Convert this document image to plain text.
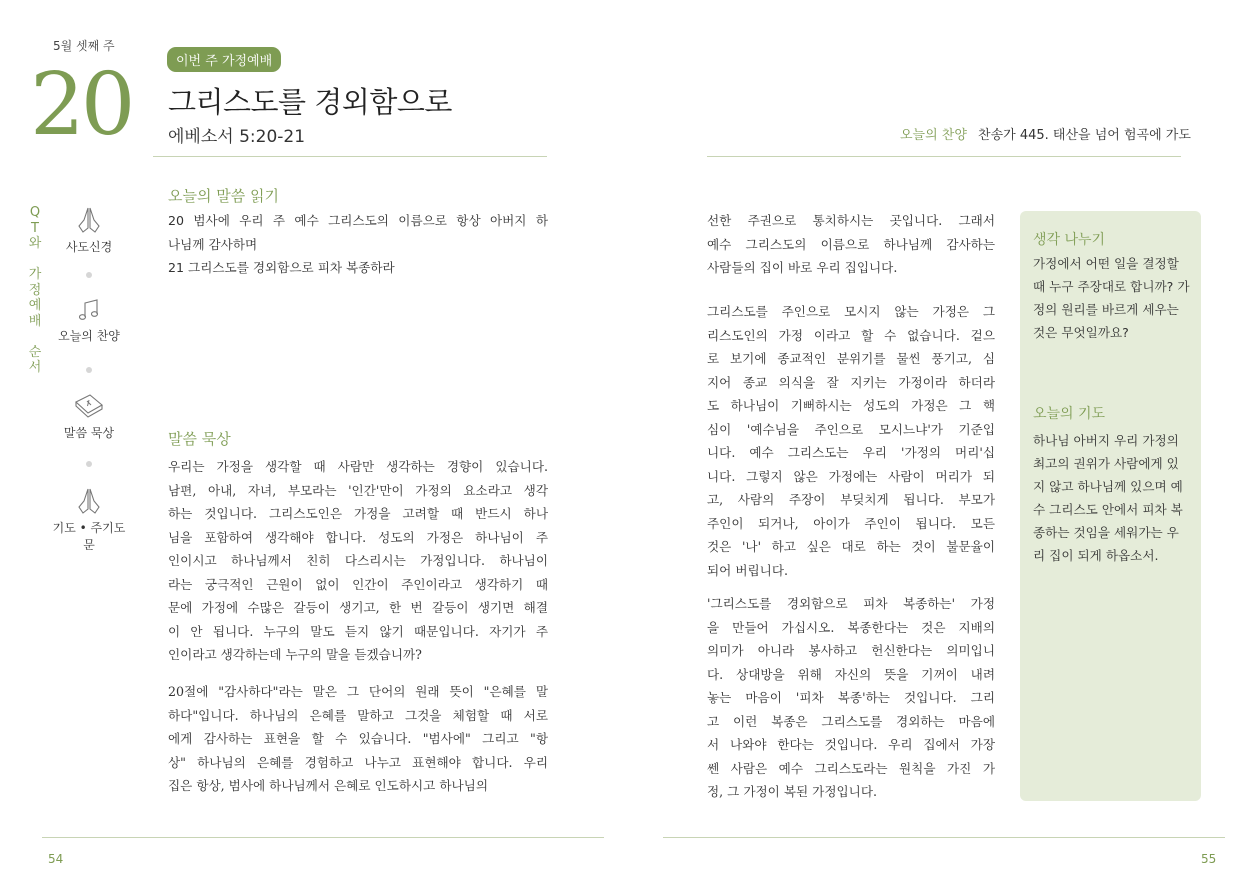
5월 셋째 주
20	이번 주 가정예배
그리스도를 경외함으로
에베소서 5:20-21	오늘의 찬양 찬송가 445. 태산을 넘어 험곡에 가도
Q
T
와
가
정
예
배
순
서
사도신경
오늘의 찬양
말씀 묵상
기도 • 주기도문
오늘의 말씀 읽기
20 범사에 우리 주 예수 그리스도의 이름으로 항상 아버지 하
나님께 감사하며
21 그리스도를 경외함으로 피차 복종하라
말씀 묵상
우리는 가정을 생각할 때 사람만 생각하는 경향이 있습니다.
남편, 아내, 자녀, 부모라는 '인간'만이 가정의 요소라고 생각
하는 것입니다. 그리스도인은 가정을 고려할 때 반드시 하나
님을 포함하여 생각해야 합니다. 성도의 가정은 하나님이 주
인이시고 하나님께서 친히 다스리시는 가정입니다. 하나님이
라는 궁극적인 근원이 없이 인간이 주인이라고 생각하기 때
문에 가정에 수많은 갈등이 생기고, 한 번 갈등이 생기면 해결
이 안 됩니다. 누구의 말도 듣지 않기 때문입니다. 자기가 주
인이라고 생각하는데 누구의 말을 듣겠습니까?
20절에 "감사하다"라는 말은 그 단어의 원래 뜻이 "은혜를 말
하다"입니다. 하나님의 은혜를 말하고 그것을 체험할 때 서로
에게 감사하는 표현을 할 수 있습니다. "범사에" 그리고 "항
상" 하나님의 은혜를 경험하고 나누고 표현해야 합니다. 우리
집은 항상, 범사에 하나님께서 은혜로 인도하시고 하나님의
선한 주권으로 통치하시는 곳입니다. 그래서
예수 그리스도의 이름으로 하나님께 감사하는
사람들의 집이 바로 우리 집입니다.
그리스도를 주인으로 모시지 않는 가정은 그
리스도인의 가정 이라고 할 수 없습니다. 겉으
로 보기에 종교적인 분위기를 물씬 풍기고, 심
지어 종교 의식을 잘 지키는 가정이라 하더라
도 하나님이 기뻐하시는 성도의 가정은 그 핵
심이 '예수님을 주인으로 모시느냐'가 기준입
니다. 예수 그리스도는 우리 '가정의 머리'십
니다. 그렇지 않은 가정에는 사람이 머리가 되
고, 사람의 주장이 부딪치게 됩니다. 부모가
주인이 되거나, 아이가 주인이 됩니다. 모든
것은 '나' 하고 싶은 대로 하는 것이 불문율이
되어 버립니다.
'그리스도를 경외함으로 피차 복종하는' 가정
을 만들어 가십시오. 복종한다는 것은 지배의
의미가 아니라 봉사하고 헌신한다는 의미입니
다. 상대방을 위해 자신의 뜻을 기꺼이 내려
놓는 마음이 '피차 복종'하는 것입니다. 그리
고 이런 복종은 그리스도를 경외하는 마음에
서 나와야 한다는 것입니다. 우리 집에서 가장
쎈 사람은 예수 그리스도라는 원칙을 가진 가
정, 그 가정이 복된 가정입니다.
생각 나누기
가정에서 어떤 일을 결정할
때 누구 주장대로 합니까? 가
정의 원리를 바르게 세우는
것은 무엇일까요?
오늘의 기도
하나님 아버지 우리 가정의
최고의 권위가 사람에게 있
지 않고 하나님께 있으며 예
수 그리스도 안에서 피차 복
종하는 것임을 세워가는 우
리 집이 되게 하옵소서.
54	55
